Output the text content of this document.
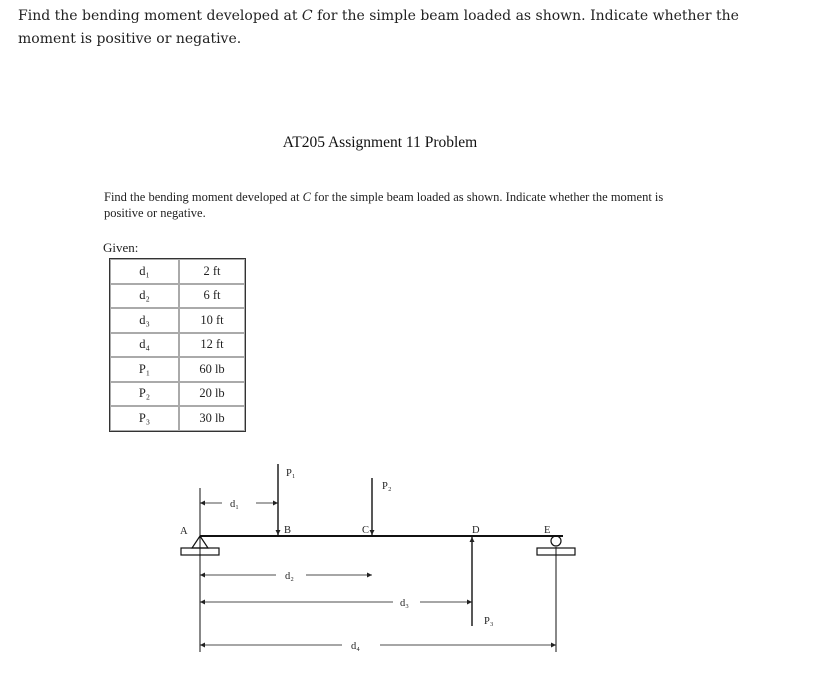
Find the bending moment developed at C for the simple beam loaded as shown. Indicate whether the moment is positive or negative.

AT205 Assignment 11 Problem
Find the bending moment developed at C for the simple beam loaded as shown. Indicate whether the moment is positive or negative.
Given:
d₁	2 ft
d₂	6 ft
d₃	10 ft
d₄	12 ft
P₁	60 lb
P₂	20 lb
P₃	30 lb
A	B	C	D	E
P₁
P₂
P₃
d₁
d₂
d₃
d₄
